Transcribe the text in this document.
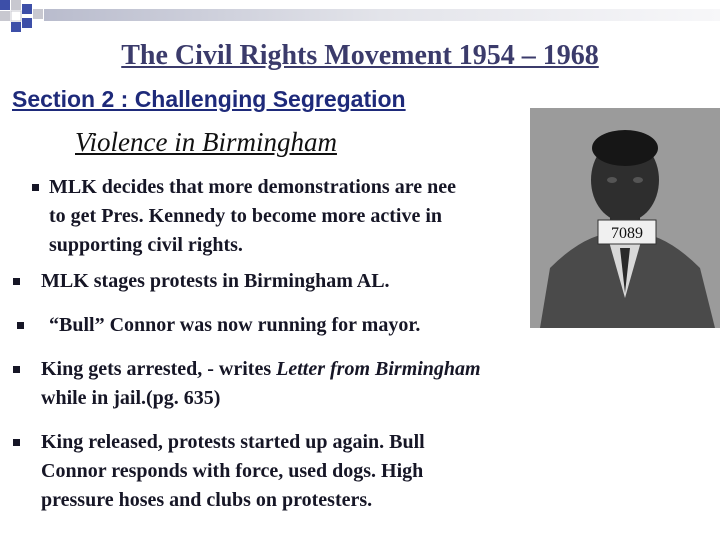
The Civil Rights Movement 1954 – 1968
Section 2 : Challenging Segregation
Violence in Birmingham
7089
MLK decides that more demonstrations are nee
to get Pres. Kennedy to become more active in
supporting civil rights.
MLK stages protests in Birmingham AL.
“Bull” Connor was now running for mayor.
King gets arrested, - writes Letter from Birmingham
while in jail.(pg. 635)
King released, protests started up again. Bull
Connor responds with force, used dogs. High
pressure hoses and clubs on protesters.
